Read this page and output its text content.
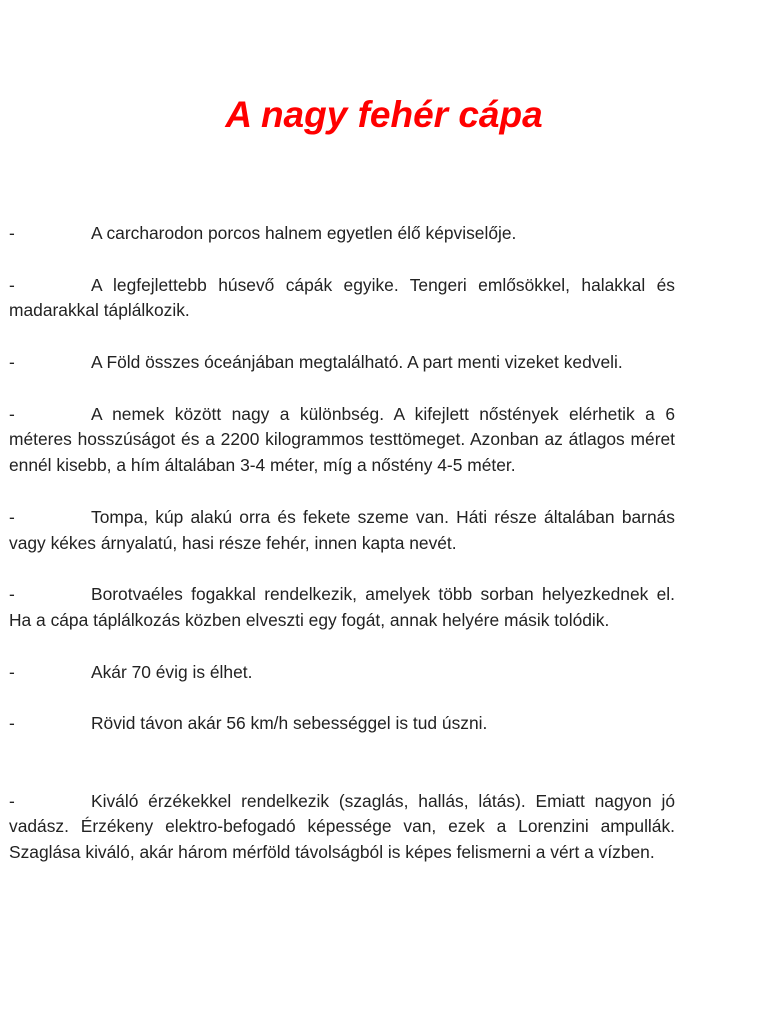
A nagy fehér cápa

-	A carcharodon porcos halnem egyetlen élő képviselője.

-	A legfejlettebb húsevő cápák egyike. Tengeri emlősökkel, halakkal és madarakkal táplálkozik.

-	A Föld összes óceánjában megtalálható. A part menti vizeket kedveli.

-	A nemek között nagy a különbség. A kifejlett nőstények elérhetik a 6 méteres hosszúságot és a 2200 kilogrammos testtömeget. Azonban az átlagos méret ennél kisebb, a hím általában 3-4 méter, míg a nőstény 4-5 méter.

-	Tompa, kúp alakú orra és fekete szeme van. Háti része általában barnás vagy kékes árnyalatú, hasi része fehér, innen kapta nevét.

-	Borotvaéles fogakkal rendelkezik, amelyek több sorban helyezkednek el. Ha a cápa táplálkozás közben elveszti egy fogát, annak helyére másik tolódik.

-	Akár 70 évig is élhet.

-	Rövid távon akár 56 km/h sebességgel is tud úszni.

-	Kiváló érzékekkel rendelkezik (szaglás, hallás, látás). Emiatt nagyon jó vadász. Érzékeny elektro-befogadó képessége van, ezek a Lorenzini ampullák. Szaglása kiváló, akár három mérföld távolságból is képes felismerni a vért a vízben.
